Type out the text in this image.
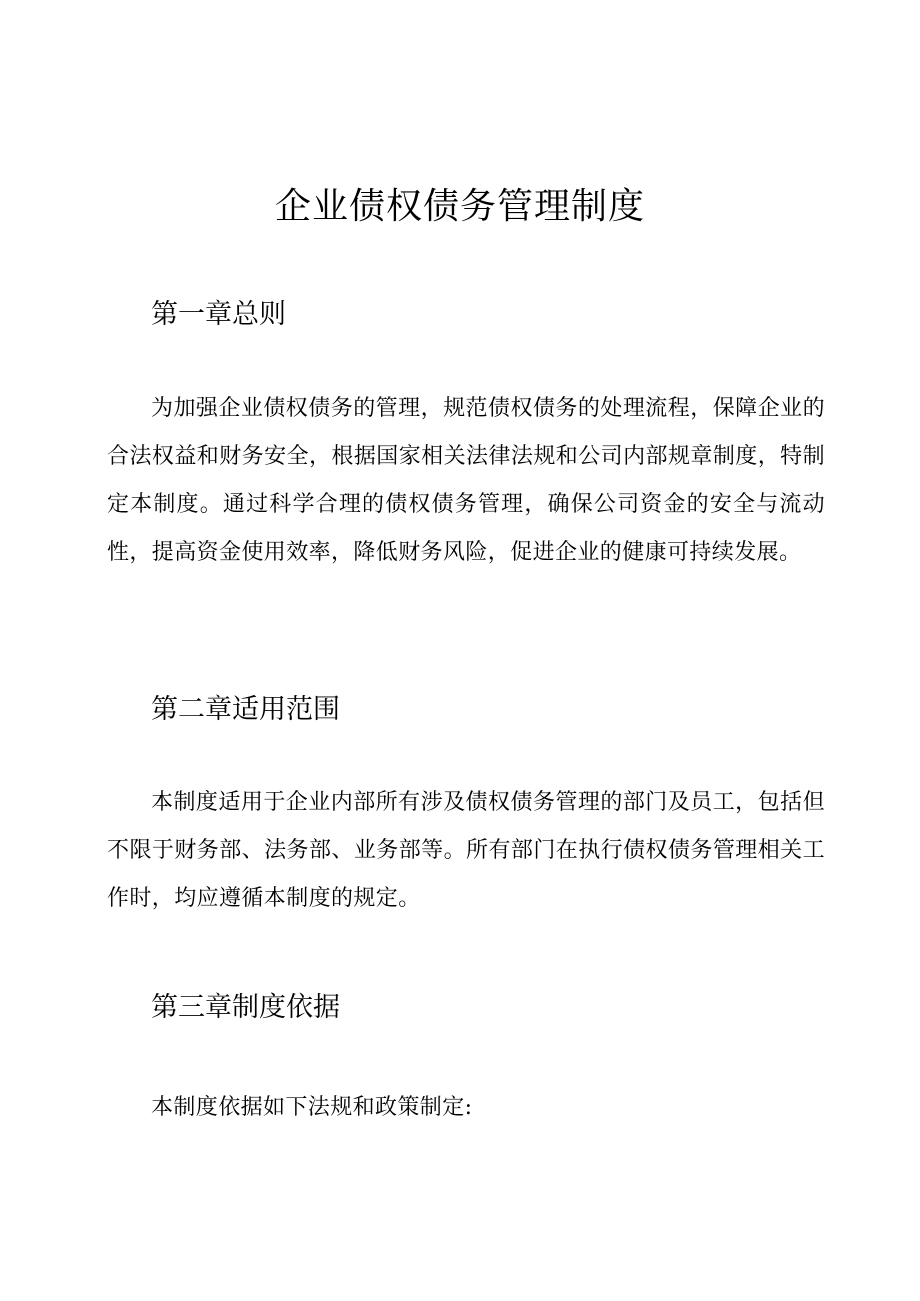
企业债权债务管理制度
第一章总则

为加强企业债权债务的管理，规范债权债务的处理流程，保障企业的合法权益和财务安全，根据国家相关法律法规和公司内部规章制度，特制定本制度。通过科学合理的债权债务管理，确保公司资金的安全与流动性，提高资金使用效率，降低财务风险，促进企业的健康可持续发展。

第二章适用范围

本制度适用于企业内部所有涉及债权债务管理的部门及员工，包括但不限于财务部、法务部、业务部等。所有部门在执行债权债务管理相关工作时，均应遵循本制度的规定。

第三章制度依据

本制度依据如下法规和政策制定:
